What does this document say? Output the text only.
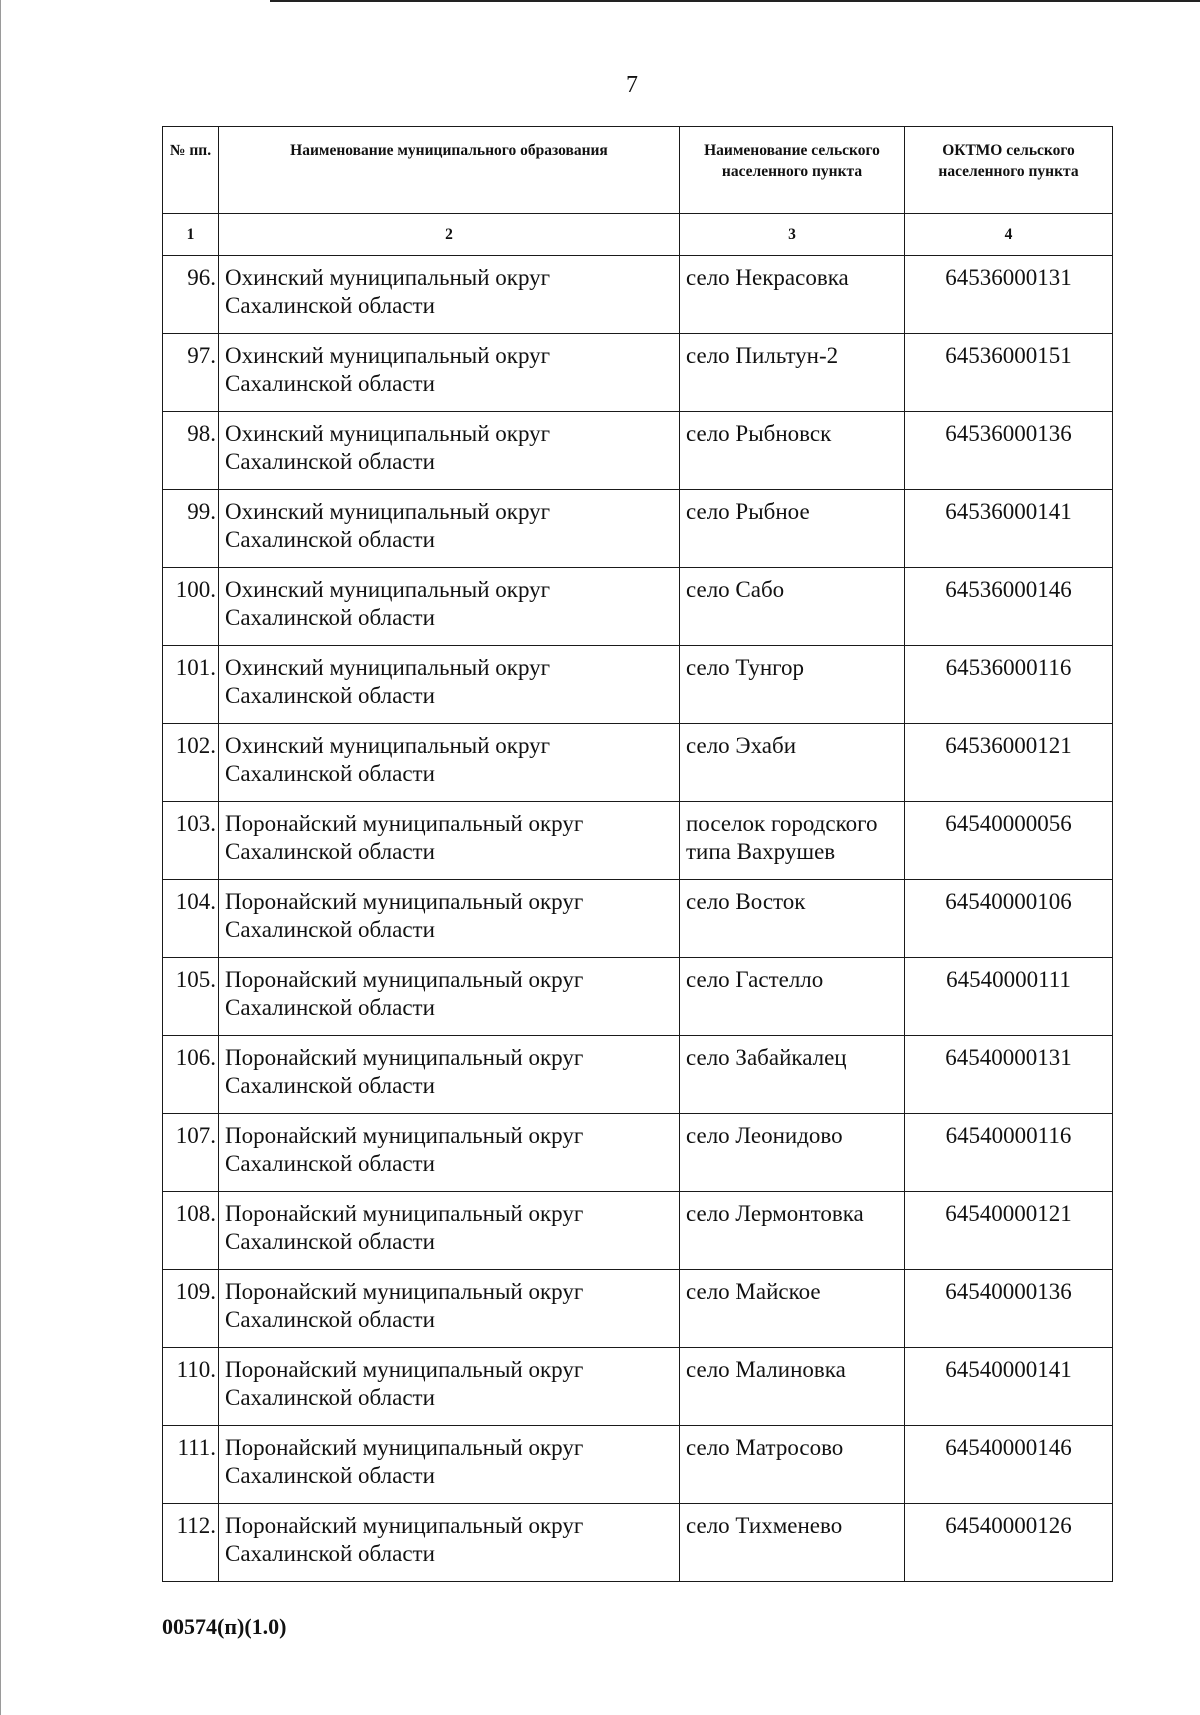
7
№ пп.	Наименование муниципального образования	Наименование сельского населенного пункта	ОКТМО сельского населенного пункта
1	2	3	4
96.	Охинский муниципальный округ Сахалинской области	село Некрасовка	64536000131
97.	Охинский муниципальный округ Сахалинской области	село Пильтун-2	64536000151
98.	Охинский муниципальный округ Сахалинской области	село Рыбновск	64536000136
99.	Охинский муниципальный округ Сахалинской области	село Рыбное	64536000141
100.	Охинский муниципальный округ Сахалинской области	село Сабо	64536000146
101.	Охинский муниципальный округ Сахалинской области	село Тунгор	64536000116
102.	Охинский муниципальный округ Сахалинской области	село Эхаби	64536000121
103.	Поронайский муниципальный округ Сахалинской области	поселок городского типа Вахрушев	64540000056
104.	Поронайский муниципальный округ Сахалинской области	село Восток	64540000106
105.	Поронайский муниципальный округ Сахалинской области	село Гастелло	64540000111
106.	Поронайский муниципальный округ Сахалинской области	село Забайкалец	64540000131
107.	Поронайский муниципальный округ Сахалинской области	село Леонидово	64540000116
108.	Поронайский муниципальный округ Сахалинской области	село Лермонтовка	64540000121
109.	Поронайский муниципальный округ Сахалинской области	село Майское	64540000136
110.	Поронайский муниципальный округ Сахалинской области	село Малиновка	64540000141
111.	Поронайский муниципальный округ Сахалинской области	село Матросово	64540000146
112.	Поронайский муниципальный округ Сахалинской области	село Тихменево	64540000126
00574(п)(1.0)
